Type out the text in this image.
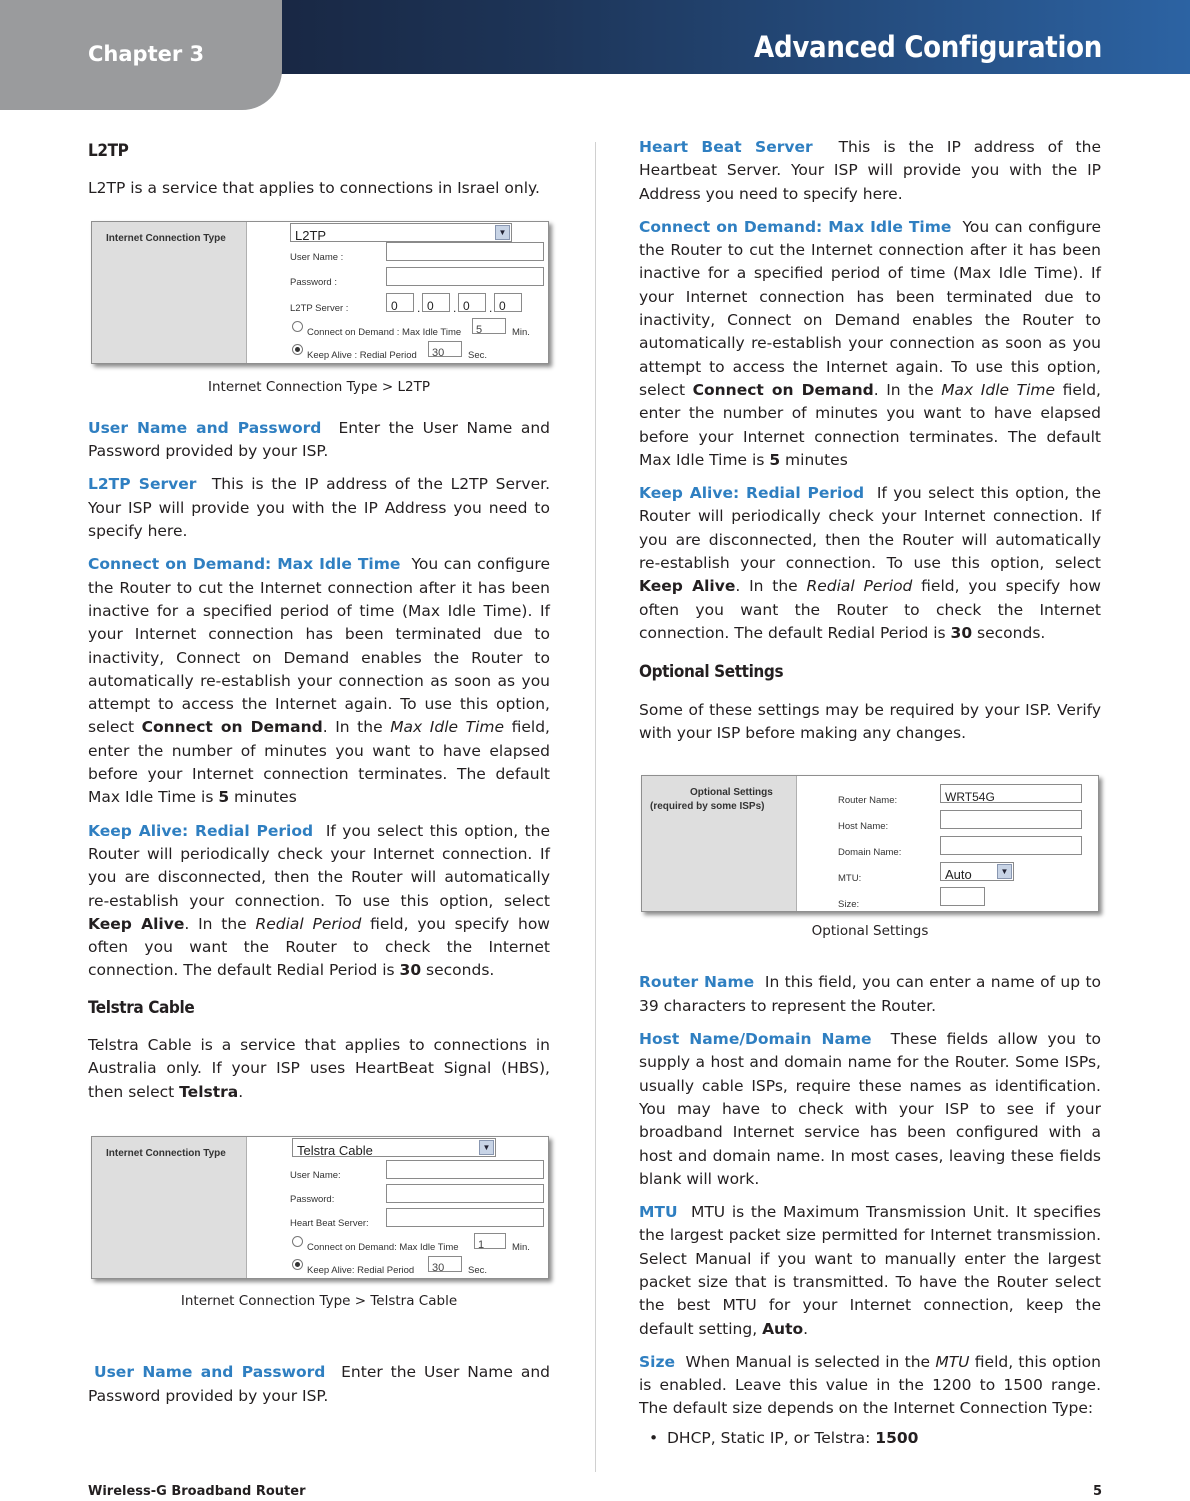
Chapter 3	Advanced Configuration
L2TP
L2TP is a service that applies to connections in Israel only.
Internet Connection Type	L2TP	▼
User Name :
Password :
L2TP Server :	0	. 0	. 0	. 0
Connect on Demand : Max Idle Time	5	Min.
Keep Alive : Redial Period	30	Sec.
Internet Connection Type > L2TP
User Name and Password Enter the User Name and Password provided by your ISP.
L2TP Server This is the IP address of the L2TP Server. Your ISP will provide you with the IP Address you need to specify here.
Connect on Demand: Max Idle Time You can configure the Router to cut the Internet connection after it has been inactive for a specified period of time (Max Idle Time). If your Internet connection has been terminated due to inactivity, Connect on Demand enables the Router to automatically re-establish your connection as soon as you attempt to access the Internet again. To use this option, select Connect on Demand. In the Max Idle Time field, enter the number of minutes you want to have elapsed before your Internet connection terminates. The default Max Idle Time is 5 minutes
Keep Alive: Redial Period If you select this option, the Router will periodically check your Internet connection. If you are disconnected, then the Router will automatically re-establish your connection. To use this option, select Keep Alive. In the Redial Period field, you specify how often you want the Router to check the Internet connection. The default Redial Period is 30 seconds.
Telstra Cable
Telstra Cable is a service that applies to connections in Australia only. If your ISP uses HeartBeat Signal (HBS), then select Telstra.
Internet Connection Type	Telstra Cable	▼
User Name:
Password:
Heart Beat Server:
Connect on Demand: Max Idle Time	1	Min.
Keep Alive: Redial Period	30	Sec.
Internet Connection Type > Telstra Cable
User Name and Password Enter the User Name and Password provided by your ISP.
Heart Beat Server This is the IP address of the Heartbeat Server. Your ISP will provide you with the IP Address you need to specify here.
Connect on Demand: Max Idle Time You can configure the Router to cut the Internet connection after it has been inactive for a specified period of time (Max Idle Time). If your Internet connection has been terminated due to inactivity, Connect on Demand enables the Router to automatically re-establish your connection as soon as you attempt to access the Internet again. To use this option, select Connect on Demand. In the Max Idle Time field, enter the number of minutes you want to have elapsed before your Internet connection terminates. The default Max Idle Time is 5 minutes
Keep Alive: Redial Period If you select this option, the Router will periodically check your Internet connection. If you are disconnected, then the Router will automatically re-establish your connection. To use this option, select Keep Alive. In the Redial Period field, you specify how often you want the Router to check the Internet connection. The default Redial Period is 30 seconds.
Optional Settings
Some of these settings may be required by your ISP. Verify with your ISP before making any changes.
Optional Settings
(required by some ISPs)
Router Name:	WRT54G
Host Name:
Domain Name:
MTU:	Auto	▼
Size:
Optional Settings
Router Name In this field, you can enter a name of up to 39 characters to represent the Router.
Host Name/Domain Name These fields allow you to supply a host and domain name for the Router. Some ISPs, usually cable ISPs, require these names as identification. You may have to check with your ISP to see if your broadband Internet service has been configured with a host and domain name. In most cases, leaving these fields blank will work.
MTU MTU is the Maximum Transmission Unit. It specifies the largest packet size permitted for Internet transmission. Select Manual if you want to manually enter the largest packet size that is transmitted. To have the Router select the best MTU for your Internet connection, keep the default setting, Auto.
Size When Manual is selected in the MTU field, this option is enabled. Leave this value in the 1200 to 1500 range. The default size depends on the Internet Connection Type:
• DHCP, Static IP, or Telstra: 1500
Wireless-G Broadband Router	5
